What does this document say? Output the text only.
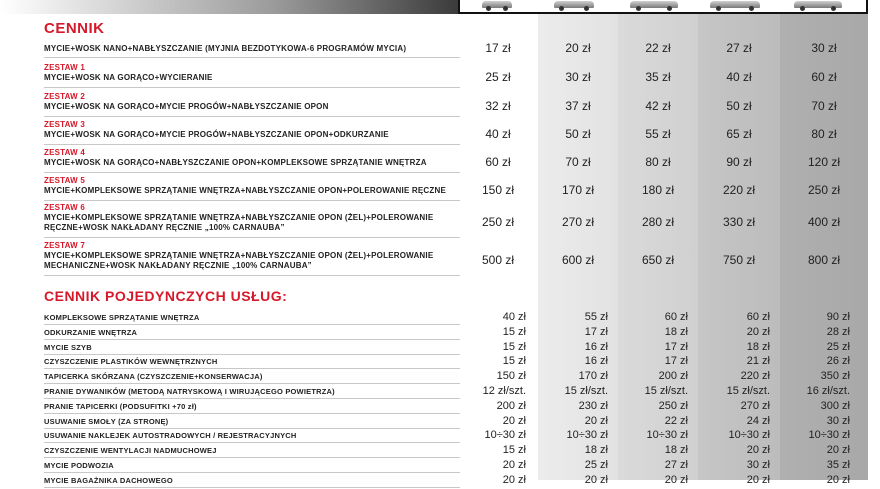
CENNIK
CENNIK POJEDYNCZYCH USŁUG:
MYCIE+WOSK NANO+NABŁYSZCZANIE (MYJNIA BEZDOTYKOWA-6 PROGRAMÓW MYCIA)	17 zł	20 zł	22 zł	27 zł	30 zł
ZESTAW 1
MYCIE+WOSK NA GORĄCO+WYCIERANIE	25 zł	30 zł	35 zł	40 zł	60 zł
ZESTAW 2
MYCIE+WOSK NA GORĄCO+MYCIE PROGÓW+NABŁYSZCZANIE OPON	32 zł	37 zł	42 zł	50 zł	70 zł
ZESTAW 3
MYCIE+WOSK NA GORĄCO+MYCIE PROGÓW+NABŁYSZCZANIE OPON+ODKURZANIE	40 zł	50 zł	55 zł	65 zł	80 zł
ZESTAW 4
MYCIE+WOSK NA GORĄCO+NABŁYSZCZANIE OPON+KOMPLEKSOWE SPRZĄTANIE WNĘTRZA	60 zł	70 zł	80 zł	90 zł	120 zł
ZESTAW 5
MYCIE+KOMPLEKSOWE SPRZĄTANIE WNĘTRZA+NABŁYSZCZANIE OPON+POLEROWANIE RĘCZNE	150 zł	170 zł	180 zł	220 zł	250 zł
ZESTAW 6
MYCIE+KOMPLEKSOWE SPRZĄTANIE WNĘTRZA+NABŁYSZCZANIE OPON (ŻEL)+POLEROWANIE
RĘCZNE+WOSK NAKŁADANY RĘCZNIE „100% CARNAUBA”	250 zł	270 zł	280 zł	330 zł	400 zł
ZESTAW 7
MYCIE+KOMPLEKSOWE SPRZĄTANIE WNĘTRZA+NABŁYSZCZANIE OPON (ŻEL)+POLEROWANIE
MECHANICZNE+WOSK NAKŁADANY RĘCZNIE „100% CARNAUBA”	500 zł	600 zł	650 zł	750 zł	800 zł
KOMPLEKSOWE SPRZĄTANIE WNĘTRZA	40 zł	55 zł	60 zł	60 zł	90 zł
ODKURZANIE WNĘTRZA	15 zł	17 zł	18 zł	20 zł	28 zł
MYCIE SZYB	15 zł	16 zł	17 zł	18 zł	25 zł
CZYSZCZENIE PLASTIKÓW WEWNĘTRZNYCH	15 zł	16 zł	17 zł	21 zł	26 zł
TAPICERKA SKÓRZANA (CZYSZCZENIE+KONSERWACJA)	150 zł	170 zł	200 zł	220 zł	350 zł
PRANIE DYWANIKÓW (METODĄ NATRYSKOWĄ I WIRUJĄCEGO POWIETRZA)	12 zł/szt.	15 zł/szt.	15 zł/szt.	15 zł/szt.	16 zł/szt.
PRANIE TAPICERKI (PODSUFITKI +70 zł)	200 zł	230 zł	250 zł	270 zł	300 zł
USUWANIE SMOŁY (ZA STRONĘ)	20 zł	20 zł	22 zł	24 zł	30 zł
USUWANIE NAKLEJEK AUTOSTRADOWYCH / REJESTRACYJNYCH	10÷30 zł	10÷30 zł	10÷30 zł	10÷30 zł	10÷30 zł
CZYSZCZENIE WENTYLACJI NADMUCHOWEJ	15 zł	18 zł	18 zł	20 zł	20 zł
MYCIE PODWOZIA	20 zł	25 zł	27 zł	30 zł	35 zł
MYCIE BAGAŻNIKA DACHOWEGO	20 zł	20 zł	20 zł	20 zł	20 zł
